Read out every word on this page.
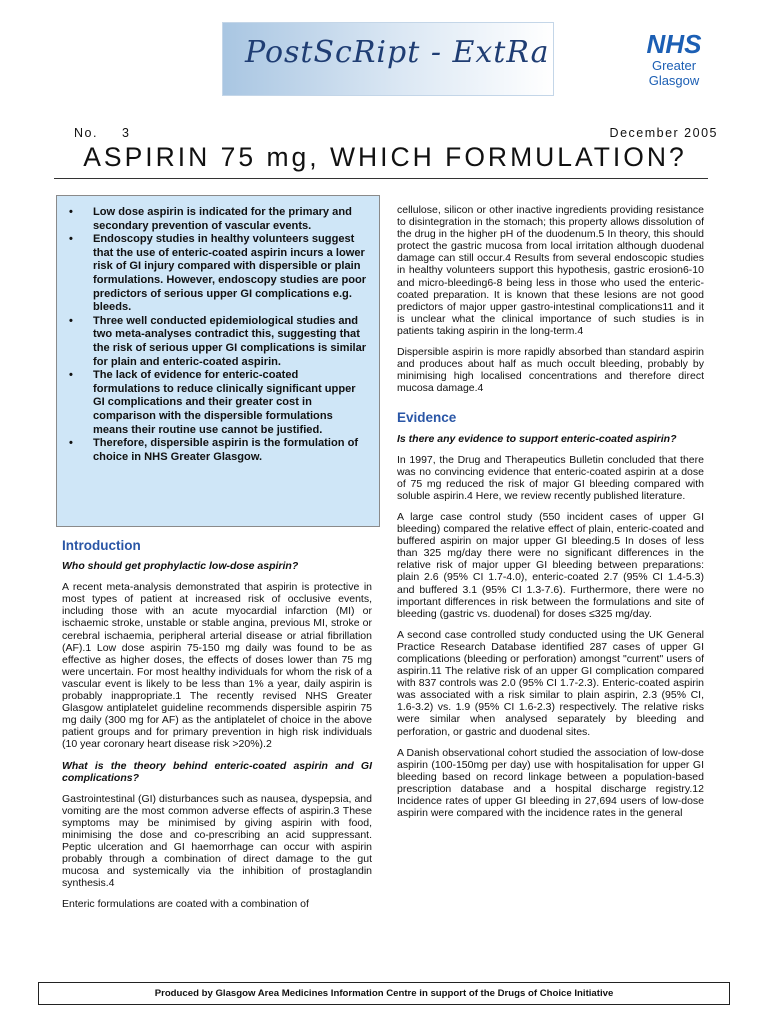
PostScRipt - ExtRa	NHS
Greater
Glasgow
No. 3	December 2005
ASPIRIN 75 mg, WHICH FORMULATION?
• Low dose aspirin is indicated for the primary and secondary prevention of vascular events.
• Endoscopy studies in healthy volunteers suggest that the use of enteric-coated aspirin incurs a lower risk of GI injury compared with dispersible or plain formulations. However, endoscopy studies are poor predictors of serious upper GI complications e.g. bleeds.
• Three well conducted epidemiological studies and two meta-analyses contradict this, suggesting that the risk of serious upper GI complications is similar for plain and enteric-coated aspirin.
• The lack of evidence for enteric-coated formulations to reduce clinically significant upper GI complications and their greater cost in comparison with the dispersible formulations means their routine use cannot be justified.
• Therefore, dispersible aspirin is the formulation of choice in NHS Greater Glasgow.
Introduction

Who should get prophylactic low-dose aspirin?

A recent meta-analysis demonstrated that aspirin is protective in most types of patient at increased risk of occlusive events, including those with an acute myocardial infarction (MI) or ischaemic stroke, unstable or stable angina, previous MI, stroke or cerebral ischaemia, peripheral arterial disease or atrial fibrillation (AF).1 Low dose aspirin 75-150 mg daily was found to be as effective as higher doses, the effects of doses lower than 75 mg were uncertain. For most healthy individuals for whom the risk of a vascular event is likely to be less than 1% a year, daily aspirin is probably inappropriate.1 The recently revised NHS Greater Glasgow antiplatelet guideline recommends dispersible aspirin 75 mg daily (300 mg for AF) as the antiplatelet of choice in the above patient groups and for primary prevention in high risk individuals (10 year coronary heart disease risk >20%).2

What is the theory behind enteric-coated aspirin and GI complications?

Gastrointestinal (GI) disturbances such as nausea, dyspepsia, and vomiting are the most common adverse effects of aspirin.3 These symptoms may be minimised by giving aspirin with food, minimising the dose and co-prescribing an acid suppressant. Peptic ulceration and GI haemorrhage can occur with aspirin probably through a combination of direct damage to the gut mucosa and systemically via the inhibition of prostaglandin synthesis.4

Enteric formulations are coated with a combination of

cellulose, silicon or other inactive ingredients providing resistance to disintegration in the stomach; this property allows dissolution of the drug in the higher pH of the duodenum.5 In theory, this should protect the gastric mucosa from local irritation although duodenal damage can still occur.4 Results from several endoscopic studies in healthy volunteers support this hypothesis, gastric erosion6-10 and micro-bleeding6-8 being less in those who used the enteric-coated preparation. It is known that these lesions are not good predictors of major upper gastro-intestinal complications11 and it is unclear what the clinical importance of such studies is in patients taking aspirin in the long-term.4

Dispersible aspirin is more rapidly absorbed than standard aspirin and produces about half as much occult bleeding, probably by minimising high localised concentrations and therefore direct mucosa damage.4

Evidence

Is there any evidence to support enteric-coated aspirin?

In 1997, the Drug and Therapeutics Bulletin concluded that there was no convincing evidence that enteric-coated aspirin at a dose of 75 mg reduced the risk of major GI bleeding compared with soluble aspirin.4 Here, we review recently published literature.

A large case control study (550 incident cases of upper GI bleeding) compared the relative effect of plain, enteric-coated and buffered aspirin on major upper GI bleeding.5 In doses of less than 325 mg/day there were no significant differences in the relative risk of major upper GI bleeding between preparations: plain 2.6 (95% CI 1.7-4.0), enteric-coated 2.7 (95% CI 1.4-5.3) and buffered 3.1 (95% CI 1.3-7.6). Furthermore, there were no important differences in risk between the formulations and site of bleeding (gastric vs. duodenal) for doses ≤325 mg/day.

A second case controlled study conducted using the UK General Practice Research Database identified 287 cases of upper GI complications (bleeding or perforation) amongst "current" users of aspirin.11 The relative risk of an upper GI complication compared with 837 controls was 2.0 (95% CI 1.7-2.3). Enteric-coated aspirin was associated with a risk similar to plain aspirin, 2.3 (95% CI, 1.6-3.2) vs. 1.9 (95% CI 1.6-2.3) respectively. The relative risks were similar when analysed separately by bleeding and perforation, or gastric and duodenal sites.

A Danish observational cohort studied the association of low-dose aspirin (100-150mg per day) use with hospitalisation for upper GI bleeding based on record linkage between a population-based prescription database and a hospital discharge registry.12 Incidence rates of upper GI bleeding in 27,694 users of low-dose aspirin were compared with the incidence rates in the general

Produced by Glasgow Area Medicines Information Centre in support of the Drugs of Choice Initiative
